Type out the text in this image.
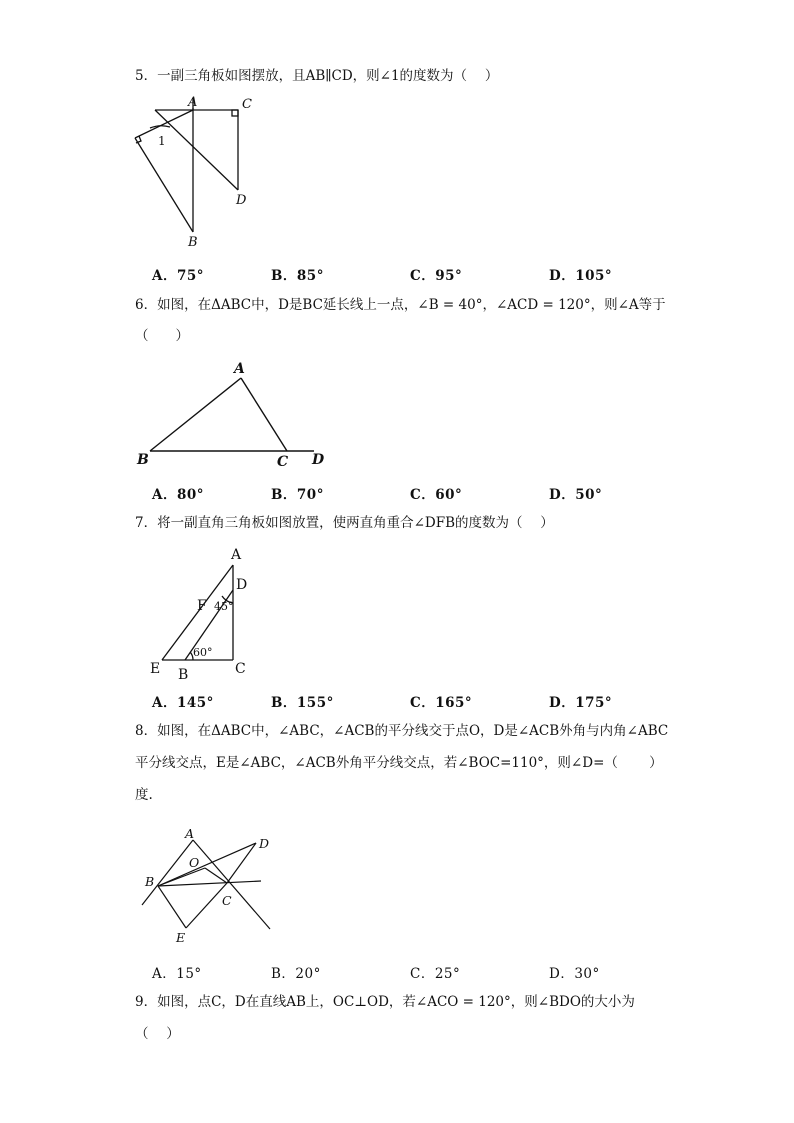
5．一副三角板如图摆放，且AB∥CD，则∠1的度数为（　 ）
A	C
D
B
1
A．75°	B．85°	C．95°	D．105°
6．如图，在ΔABC中，D是BC延长线上一点，∠B = 40°，∠ACD = 120°，则∠A等于
（　　）
A
B	C D
A．80°	B．70°	C．60°	D．50°
7．将一副直角三角板如图放置，使两直角重合∠DFB的度数为（　 ）
A
D
F
E B	C
45°
60°
A．145°	B．155°	C．165°	D．175°
8．如图，在ΔABC中，∠ABC，∠ACB的平分线交于点O，D是∠ACB外角与内角∠ABC
平分线交点，E是∠ABC，∠ACB外角平分线交点，若∠BOC=110°，则∠D=（　　 ）
度.
A
D
O
B
C
E
A．15°	B．20°	C．25°	D．30°
9．如图，点C，D在直线AB上，OC⊥OD，若∠ACO = 120°，则∠BDO的大小为
（　 ）
